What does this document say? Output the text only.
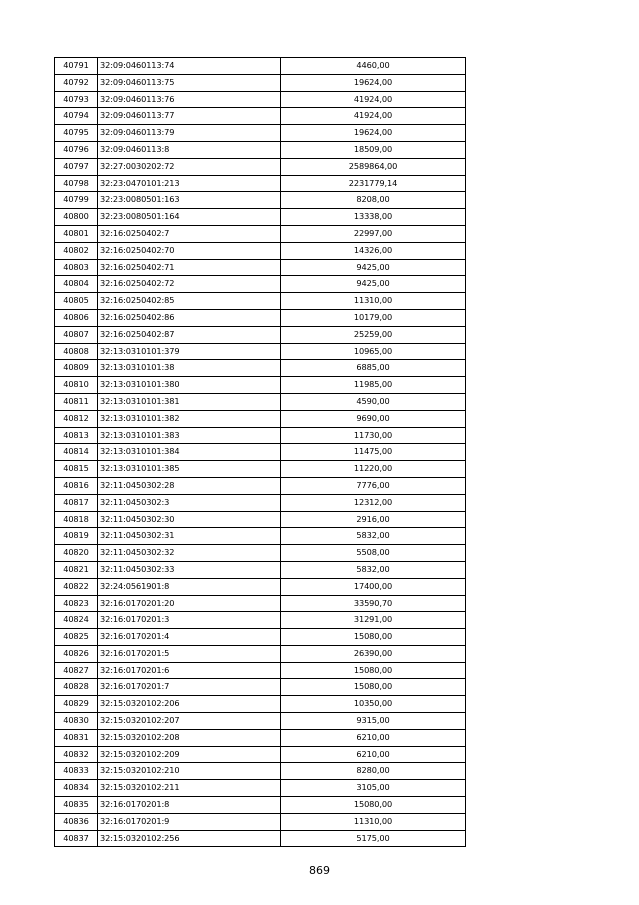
40791	32:09:0460113:74	4460,00
40792	32:09:0460113:75	19624,00
40793	32:09:0460113:76	41924,00
40794	32:09:0460113:77	41924,00
40795	32:09:0460113:79	19624,00
40796	32:09:0460113:8	18509,00
40797	32:27:0030202:72	2589864,00
40798	32:23:0470101:213	2231779,14
40799	32:23:0080501:163	8208,00
40800	32:23:0080501:164	13338,00
40801	32:16:0250402:7	22997,00
40802	32:16:0250402:70	14326,00
40803	32:16:0250402:71	9425,00
40804	32:16:0250402:72	9425,00
40805	32:16:0250402:85	11310,00
40806	32:16:0250402:86	10179,00
40807	32:16:0250402:87	25259,00
40808	32:13:0310101:379	10965,00
40809	32:13:0310101:38	6885,00
40810	32:13:0310101:380	11985,00
40811	32:13:0310101:381	4590,00
40812	32:13:0310101:382	9690,00
40813	32:13:0310101:383	11730,00
40814	32:13:0310101:384	11475,00
40815	32:13:0310101:385	11220,00
40816	32:11:0450302:28	7776,00
40817	32:11:0450302:3	12312,00
40818	32:11:0450302:30	2916,00
40819	32:11:0450302:31	5832,00
40820	32:11:0450302:32	5508,00
40821	32:11:0450302:33	5832,00
40822	32:24:0561901:8	17400,00
40823	32:16:0170201:20	33590,70
40824	32:16:0170201:3	31291,00
40825	32:16:0170201:4	15080,00
40826	32:16:0170201:5	26390,00
40827	32:16:0170201:6	15080,00
40828	32:16:0170201:7	15080,00
40829	32:15:0320102:206	10350,00
40830	32:15:0320102:207	9315,00
40831	32:15:0320102:208	6210,00
40832	32:15:0320102:209	6210,00
40833	32:15:0320102:210	8280,00
40834	32:15:0320102:211	3105,00
40835	32:16:0170201:8	15080,00
40836	32:16:0170201:9	11310,00
40837	32:15:0320102:256	5175,00
869
